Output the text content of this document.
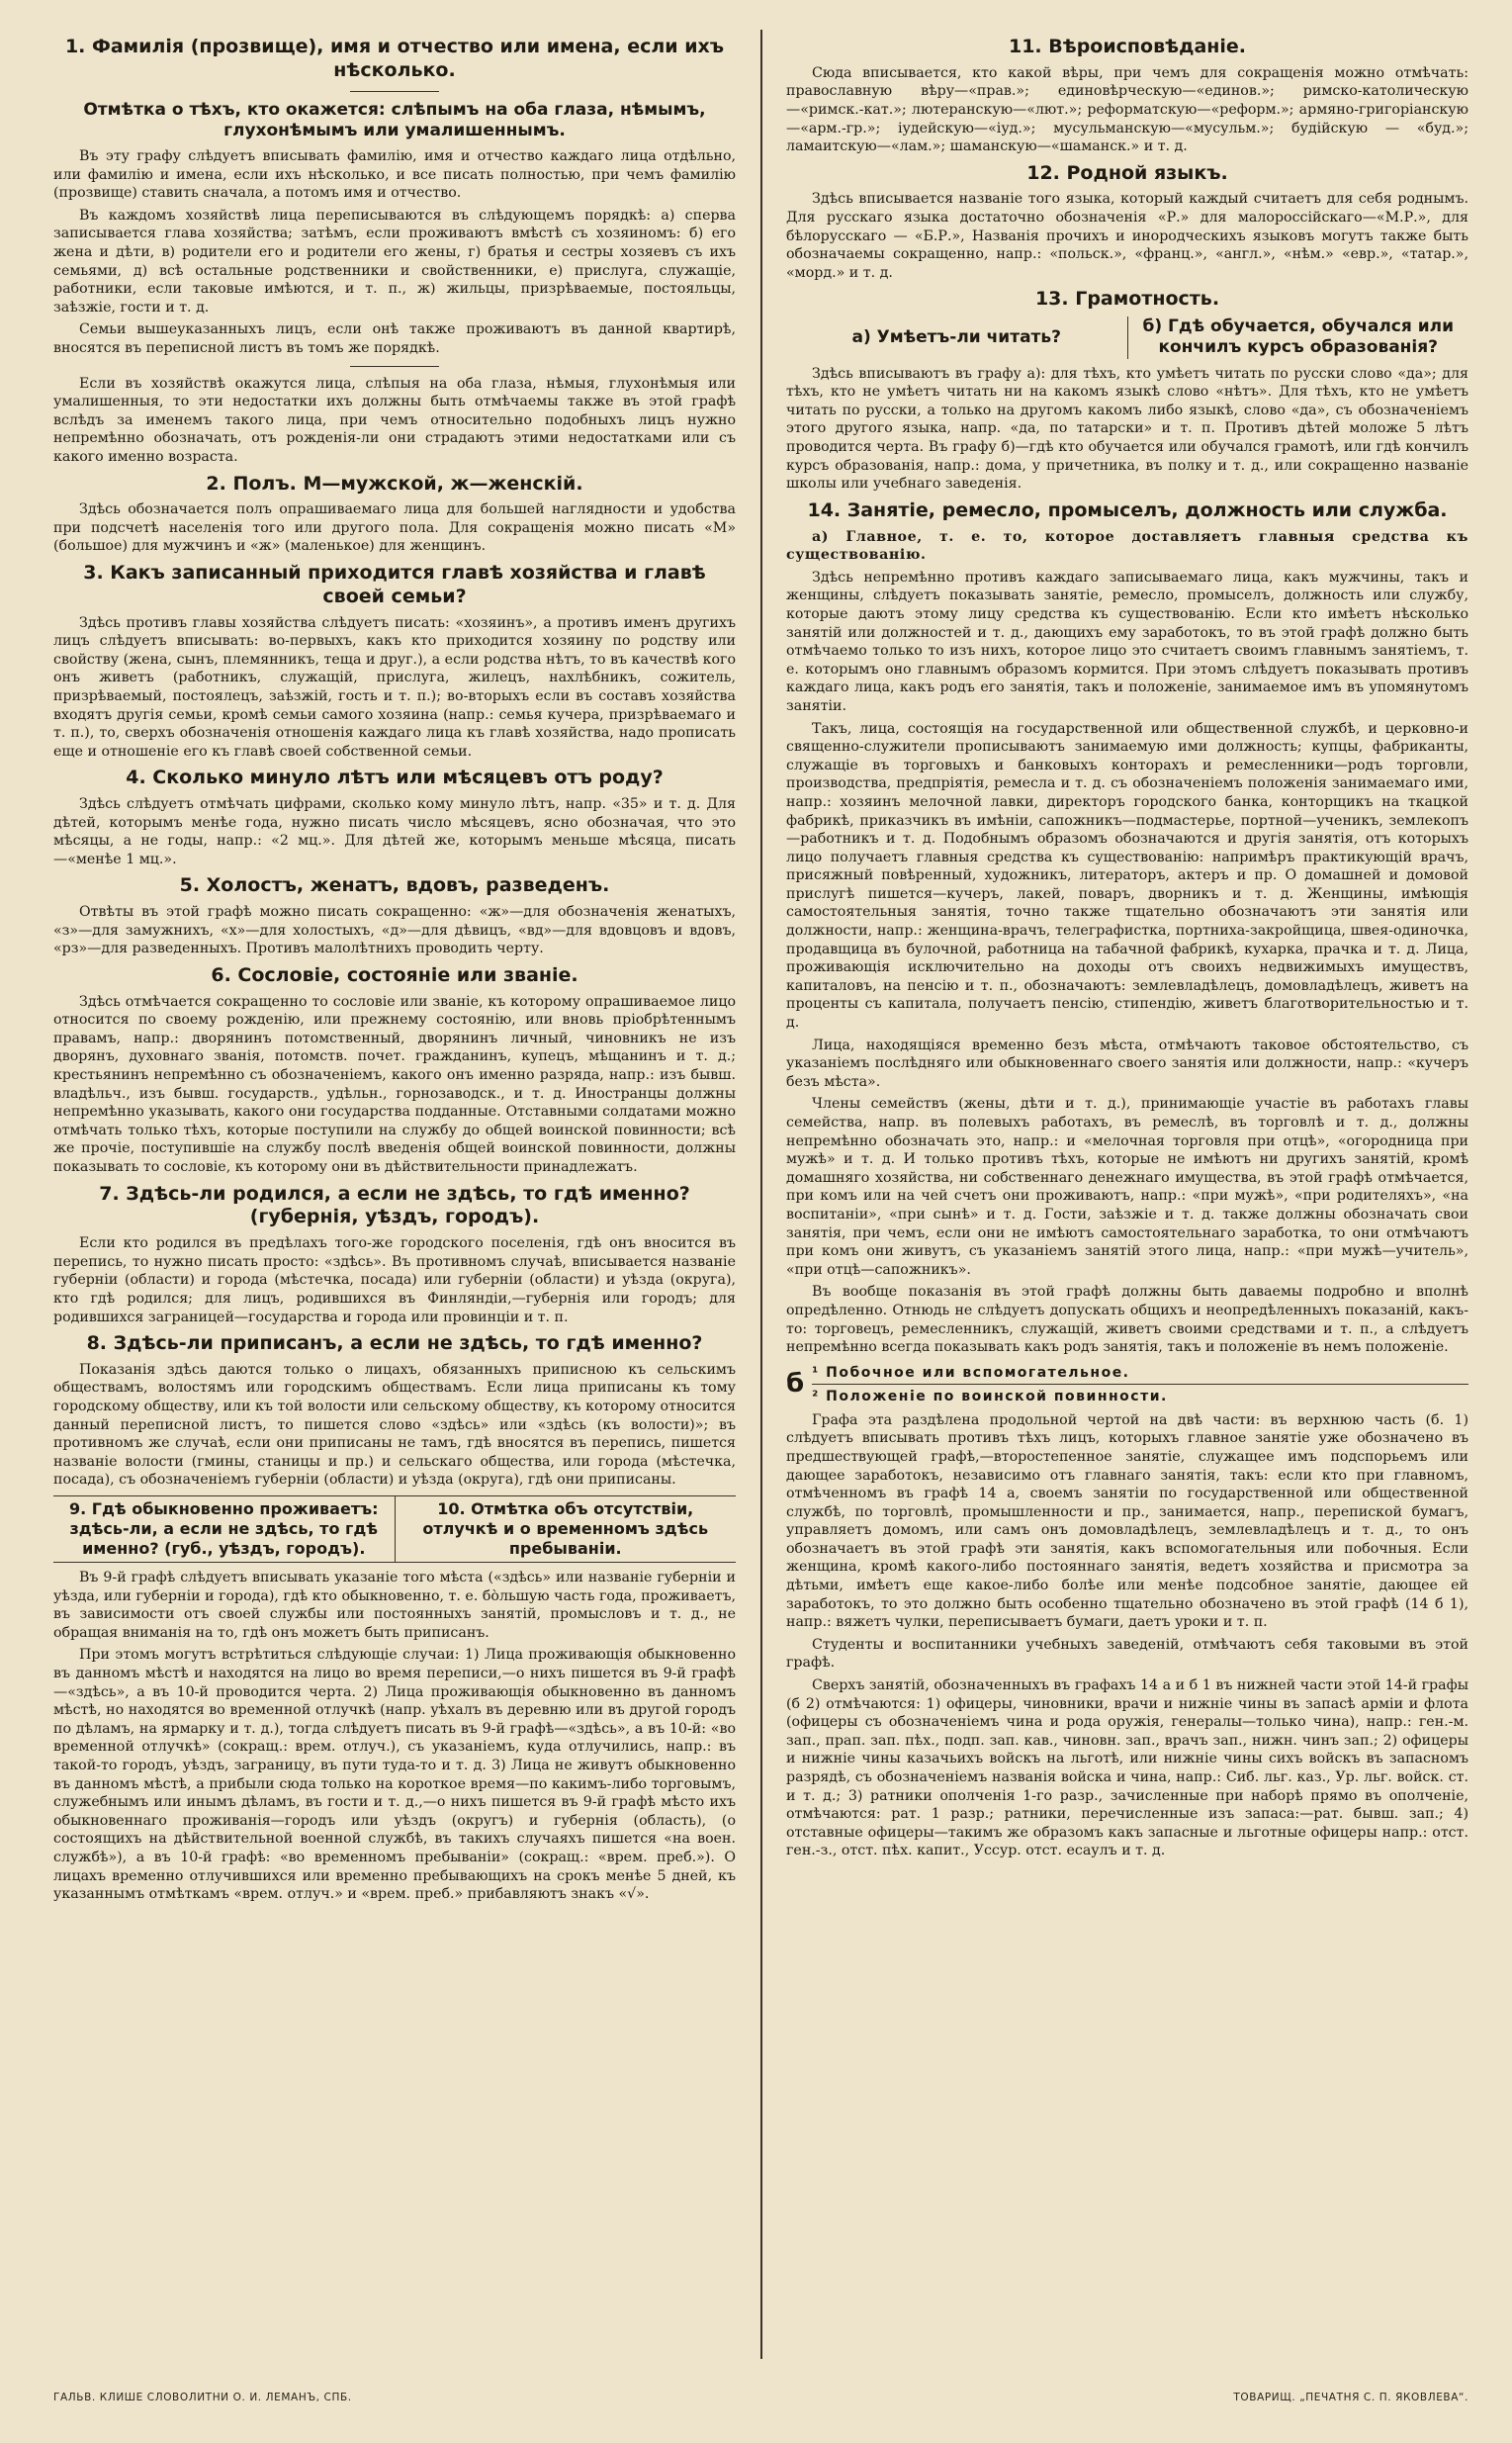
1. Фамилія (прозвище), имя и отчество или имена, если ихъ нѣсколько.
Отмѣтка о тѣхъ, кто окажется: слѣпымъ на оба глаза, нѣмымъ, глухонѣмымъ или умалишеннымъ.

Въ эту графу слѣдуетъ вписывать фамилію, имя и отчество каждаго лица отдѣльно, или фамилію и имена, если ихъ нѣсколько, и все писать полностью, при чемъ фамилію (прозвище) ставить сначала, а потомъ имя и отчество.

Въ каждомъ хозяйствѣ лица переписываются въ слѣдующемъ порядкѣ: а) сперва записывается глава хозяйства; затѣмъ, если проживаютъ вмѣстѣ съ хозяиномъ: б) его жена и дѣти, в) родители его и родители его жены, г) братья и сестры хозяевъ съ ихъ семьями, д) всѣ остальные родственники и свойственники, е) прислуга, служащіе, работники, если таковые имѣются, и т. п., ж) жильцы, призрѣваемые, постояльцы, заѣзжіе, гости и т. д.

Семьи вышеуказанныхъ лицъ, если онѣ также проживаютъ въ данной квартирѣ, вносятся въ переписной листъ въ томъ же порядкѣ.

Если въ хозяйствѣ окажутся лица, слѣпыя на оба глаза, нѣмыя, глухонѣмыя или умалишенныя, то эти недостатки ихъ должны быть отмѣчаемы также въ этой графѣ вслѣдъ за именемъ такого лица, при чемъ относительно подобныхъ лицъ нужно непремѣнно обозначать, отъ рожденія-ли они страдаютъ этими недостатками или съ какого именно возраста.

2. Полъ. М—мужской, ж—женскій.

Здѣсь обозначается полъ опрашиваемаго лица для большей наглядности и удобства при подсчетѣ населенія того или другого пола. Для сокращенія можно писать «М» (большое) для мужчинъ и «ж» (маленькое) для женщинъ.

3. Какъ записанный приходится главѣ хозяйства и главѣ своей семьи?

Здѣсь противъ главы хозяйства слѣдуетъ писать: «хозяинъ», а противъ именъ другихъ лицъ слѣдуетъ вписывать: во-первыхъ, какъ кто приходится хозяину по родству или свойству (жена, сынъ, племянникъ, теща и друг.), а если родства нѣтъ, то въ качествѣ кого онъ живетъ (работникъ, служащій, прислуга, жилецъ, нахлѣбникъ, сожитель, призрѣваемый, постоялецъ, заѣзжій, гость и т. п.); во-вторыхъ если въ составъ хозяйства входятъ другія семьи, кромѣ семьи самого хозяина (напр.: семья кучера, призрѣваемаго и т. п.), то, сверхъ обозначенія отношенія каждаго лица къ главѣ хозяйства, надо прописать еще и отношеніе его къ главѣ своей собственной семьи.

4. Сколько минуло лѣтъ или мѣсяцевъ отъ роду?

Здѣсь слѣдуетъ отмѣчать цифрами, сколько кому минуло лѣтъ, напр. «35» и т. д. Для дѣтей, которымъ менѣе года, нужно писать число мѣсяцевъ, ясно обозначая, что это мѣсяцы, а не годы, напр.: «2 мц.». Для дѣтей же, которымъ меньше мѣсяца, писать—«менѣе 1 мц.».

5. Холостъ, женатъ, вдовъ, разведенъ.

Отвѣты въ этой графѣ можно писать сокращенно: «ж»—для обозначенія женатыхъ, «з»—для замужнихъ, «х»—для холостыхъ, «д»—для дѣвицъ, «вд»—для вдовцовъ и вдовъ, «рз»—для разведенныхъ. Противъ малолѣтнихъ проводить черту.

6. Сословіе, состояніе или званіе.

Здѣсь отмѣчается сокращенно то сословіе или званіе, къ которому опрашиваемое лицо относится по своему рожденію, или прежнему состоянію, или вновь пріобрѣтеннымъ правамъ, напр.: дворянинъ потомственный, дворянинъ личный, чиновникъ не изъ дворянъ, духовнаго званія, потомств. почет. гражданинъ, купецъ, мѣщанинъ и т. д.; крестьянинъ непремѣнно съ обозначеніемъ, какого онъ именно разряда, напр.: изъ бывш. владѣльч., изъ бывш. государств., удѣльн., горнозаводск., и т. д. Иностранцы должны непремѣнно указывать, какого они государства подданные. Отставными солдатами можно отмѣчать только тѣхъ, которые поступили на службу до общей воинской повинности; всѣ же прочіе, поступившіе на службу послѣ введенія общей воинской повинности, должны показывать то сословіе, къ которому они въ дѣйствительности принадлежатъ.

7. Здѣсь-ли родился, а если не здѣсь, то гдѣ именно? (губернія, уѣздъ, городъ).

Если кто родился въ предѣлахъ того-же городского поселенія, гдѣ онъ вносится въ перепись, то нужно писать просто: «здѣсь». Въ противномъ случаѣ, вписывается названіе губерніи (области) и города (мѣстечка, посада) или губерніи (области) и уѣзда (округа), кто гдѣ родился; для лицъ, родившихся въ Финляндіи,—губернія или городъ; для родившихся заграницей—государства и города или провинціи и т. п.

8. Здѣсь-ли приписанъ, а если не здѣсь, то гдѣ именно?

Показанія здѣсь даются только о лицахъ, обязанныхъ приписною къ сельскимъ обществамъ, волостямъ или городскимъ обществамъ. Если лица приписаны къ тому городскому обществу, или къ той волости или сельскому обществу, къ которому относится данный переписной листъ, то пишется слово «здѣсь» или «здѣсь (къ волости)»; въ противномъ же случаѣ, если они приписаны не тамъ, гдѣ вносятся въ перепись, пишется названіе волости (гмины, станицы и пр.) и сельскаго общества, или города (мѣстечка, посада), съ обозначеніемъ губерніи (области) и уѣзда (округа), гдѣ они приписаны.

9. Гдѣ обыкновенно проживаетъ: здѣсь-ли, а если не здѣсь, то гдѣ именно? (губ., уѣздъ, городъ).
10. Отмѣтка объ отсутствіи, отлучкѣ и о временномъ здѣсь пребываніи.

Въ 9-й графѣ слѣдуетъ вписывать указаніе того мѣста («здѣсь» или названіе губерніи и уѣзда, или губерніи и города), гдѣ кто обыкновенно, т. е. бо̀льшую часть года, проживаетъ, въ зависимости отъ своей службы или постоянныхъ занятій, промысловъ и т. д., не обращая вниманія на то, гдѣ онъ можетъ быть приписанъ.

При этомъ могутъ встрѣтиться слѣдующіе случаи: 1) Лица проживающія обыкновенно въ данномъ мѣстѣ и находятся на лицо во время переписи,—о нихъ пишется въ 9-й графѣ—«здѣсь», а въ 10-й проводится черта. 2) Лица проживающія обыкновенно въ данномъ мѣстѣ, но находятся во временной отлучкѣ (напр. уѣхалъ въ деревню или въ другой городъ по дѣламъ, на ярмарку и т. д.), тогда слѣдуетъ писать въ 9-й графѣ—«здѣсь», а въ 10-й: «во временной отлучкѣ» (сокращ.: врем. отлуч.), съ указаніемъ, куда отлучились, напр.: въ такой-то городъ, уѣздъ, заграницу, въ пути туда-то и т. д. 3) Лица не живутъ обыкновенно въ данномъ мѣстѣ, а прибыли сюда только на короткое время—по какимъ-либо торговымъ, служебнымъ или инымъ дѣламъ, въ гости и т. д.,—о нихъ пишется въ 9-й графѣ мѣсто ихъ обыкновеннаго проживанія—городъ или уѣздъ (округъ) и губернія (область), (о состоящихъ на дѣйствительной военной службѣ, въ такихъ случаяхъ пишется «на воен. службѣ»), а въ 10-й графѣ: «во временномъ пребываніи» (сокращ.: «врем. преб.»). О лицахъ временно отлучившихся или временно пребывающихъ на срокъ менѣе 5 дней, къ указаннымъ отмѣткамъ «врем. отлуч.» и «врем. преб.» прибавляютъ знакъ «√».

11. Вѣроисповѣданіе.

Сюда вписывается, кто какой вѣры, при чемъ для сокращенія можно отмѣчать: православную вѣру—«прав.»; единовѣрческую—«единов.»; римско-католическую—«римск.-кат.»; лютеранскую—«лют.»; реформатскую—«реформ.»; армяно-григоріанскую—«арм.-гр.»; іудейскую—«іуд.»; мусульманскую—«мусульм.»; будійскую — «буд.»; ламаитскую—«лам.»; шаманскую—«шаманск.» и т. д.

12. Родной языкъ.

Здѣсь вписывается названіе того языка, который каждый считаетъ для себя роднымъ. Для русскаго языка достаточно обозначенія «Р.» для малороссійскаго—«М.Р.», для бѣлорусскаго — «Б.Р.», Названія прочихъ и инородческихъ языковъ могутъ также быть обозначаемы сокращенно, напр.: «польск.», «франц.», «англ.», «нѣм.» «евр.», «татар.», «морд.» и т. д.

13. Грамотность.
а) Умѣетъ-ли читать?
б) Гдѣ обучается, обучался или кончилъ курсъ образованія?

Здѣсь вписываютъ въ графу а): для тѣхъ, кто умѣетъ читать по русски слово «да»; для тѣхъ, кто не умѣетъ читать ни на какомъ языкѣ слово «нѣтъ». Для тѣхъ, кто не умѣетъ читать по русски, а только на другомъ какомъ либо языкѣ, слово «да», съ обозначеніемъ этого другого языка, напр. «да, по татарски» и т. п. Противъ дѣтей моложе 5 лѣтъ проводится черта. Въ графу б)—гдѣ кто обучается или обучался грамотѣ, или гдѣ кончилъ курсъ образованія, напр.: дома, у причетника, въ полку и т. д., или сокращенно названіе школы или учебнаго заведенія.

14. Занятіе, ремесло, промыселъ, должность или служба.

а) Главное, т. е. то, которое доставляетъ главныя средства къ существованію.

Здѣсь непремѣнно противъ каждаго записываемаго лица, какъ мужчины, такъ и женщины, слѣдуетъ показывать занятіе, ремесло, промыселъ, должность или службу, которые даютъ этому лицу средства къ существованію. Если кто имѣетъ нѣсколько занятій или должностей и т. д., дающихъ ему заработокъ, то въ этой графѣ должно быть отмѣчаемо только то изъ нихъ, которое лицо это считаетъ своимъ главнымъ занятіемъ, т. е. которымъ оно главнымъ образомъ кормится. При этомъ слѣдуетъ показывать противъ каждаго лица, какъ родъ его занятія, такъ и положеніе, занимаемое имъ въ упомянутомъ занятіи.

Такъ, лица, состоящія на государственной или общественной службѣ, и церковно-и священно-служители прописываютъ занимаемую ими должность; купцы, фабриканты, служащіе въ торговыхъ и банковыхъ конторахъ и ремесленники—родъ торговли, производства, предпріятія, ремесла и т. д. съ обозначеніемъ положенія занимаемаго ими, напр.: хозяинъ мелочной лавки, директоръ городского банка, конторщикъ на ткацкой фабрикѣ, приказчикъ въ имѣніи, сапожникъ—подмастерье, портной—ученикъ, землекопъ—работникъ и т. д. Подобнымъ образомъ обозначаются и другія занятія, отъ которыхъ лицо получаетъ главныя средства къ существованію: напримѣръ практикующій врачъ, присяжный повѣренный, художникъ, литераторъ, актеръ и пр. О домашней и домовой прислугѣ пишется—кучеръ, лакей, поваръ, дворникъ и т. д. Женщины, имѣющія самостоятельныя занятія, точно также тщательно обозначаютъ эти занятія или должности, напр.: женщина-врачъ, телеграфистка, портниха-закройщица, швея-одиночка, продавщица въ булочной, работница на табачной фабрикѣ, кухарка, прачка и т. д. Лица, проживающія исключительно на доходы отъ своихъ недвижимыхъ имуществъ, капиталовъ, на пенсію и т. п., обозначаютъ: землевладѣлецъ, домовладѣлецъ, живетъ на проценты съ капитала, получаетъ пенсію, стипендію, живетъ благотворительностью и т. д.

Лица, находящіяся временно безъ мѣста, отмѣчаютъ таковое обстоятельство, съ указаніемъ послѣдняго или обыкновеннаго своего занятія или должности, напр.: «кучеръ безъ мѣста».

Члены семействъ (жены, дѣти и т. д.), принимающіе участіе въ работахъ главы семейства, напр. въ полевыхъ работахъ, въ ремеслѣ, въ торговлѣ и т. д., должны непремѣнно обозначать это, напр.: и «мелочная торговля при отцѣ», «огородница при мужѣ» и т. д. И только противъ тѣхъ, которые не имѣютъ ни другихъ занятій, кромѣ домашняго хозяйства, ни собственнаго денежнаго имущества, въ этой графѣ отмѣчается, при комъ или на чей счетъ они проживаютъ, напр.: «при мужѣ», «при родителяхъ», «на воспитаніи», «при сынѣ» и т. д. Гости, заѣзжіе и т. д. также должны обозначать свои занятія, при чемъ, если они не имѣютъ самостоятельнаго заработка, то они отмѣчаютъ при комъ они живутъ, съ указаніемъ занятій этого лица, напр.: «при мужѣ—учитель», «при отцѣ—сапожникъ».

Въ вообще показанія въ этой графѣ должны быть даваемы подробно и вполнѣ опредѣленно. Отнюдь не слѣдуетъ допускать общихъ и неопредѣленныхъ показаній, какъ-то: торговецъ, ремесленникъ, служащій, живетъ своими средствами и т. п., а слѣдуетъ непремѣнно всегда показывать какъ родъ занятія, такъ и положеніе въ немъ положеніе.

б ¹ Побочное или вспомогательное.
² Положеніе по воинской повинности.

Графа эта раздѣлена продольной чертой на двѣ части: въ верхнюю часть (б. 1) слѣдуетъ вписывать противъ тѣхъ лицъ, которыхъ главное занятіе уже обозначено въ предшествующей графѣ,—второстепенное занятіе, служащее имъ подспорьемъ или дающее заработокъ, независимо отъ главнаго занятія, такъ: если кто при главномъ, отмѣченномъ въ графѣ 14 а, своемъ занятіи по государственной или общественной службѣ, по торговлѣ, промышленности и пр., занимается, напр., перепиской бумагъ, управляетъ домомъ, или самъ онъ домовладѣлецъ, землевладѣлецъ и т. д., то онъ обозначаетъ въ этой графѣ эти занятія, какъ вспомогательныя или побочныя. Если женщина, кромѣ какого-либо постояннаго занятія, ведетъ хозяйства и присмотра за дѣтьми, имѣетъ еще какое-либо болѣе или менѣе подсобное занятіе, дающее ей заработокъ, то это должно быть особенно тщательно обозначено въ этой графѣ (14 б 1), напр.: вяжетъ чулки, переписываетъ бумаги, даетъ уроки и т. п.

Студенты и воспитанники учебныхъ заведеній, отмѣчаютъ себя таковыми въ этой графѣ.

Сверхъ занятій, обозначенныхъ въ графахъ 14 а и б 1 въ нижней части этой 14-й графы (б 2) отмѣчаются: 1) офицеры, чиновники, врачи и нижніе чины въ запасѣ арміи и флота (офицеры съ обозначеніемъ чина и рода оружія, генералы—только чина), напр.: ген.-м. зап., прап. зап. пѣх., подп. зап. кав., чиновн. зап., врачъ зап., нижн. чинъ зап.; 2) офицеры и нижніе чины казачьихъ войскъ на льготѣ, или нижніе чины сихъ войскъ въ запасномъ разрядѣ, съ обозначеніемъ названія войска и чина, напр.: Сиб. льг. каз., Ур. льг. войск. ст. и т. д.; 3) ратники ополченія 1-го разр., зачисленные при наборѣ прямо въ ополченіе, отмѣчаются: рат. 1 разр.; ратники, перечисленные изъ запаса:—рат. бывш. зап.; 4) отставные офицеры—такимъ же образомъ какъ запасные и льготные офицеры напр.: отст. ген.-з., отст. пѣх. капит., Уссур. отст. есаулъ и т. д.

ГАЛЬВ. КЛИШЕ СЛОВОЛИТНИ О. И. ЛЕМАНЪ, СПБ.	ТОВАРИЩ. „ПЕЧАТНЯ С. П. ЯКОВЛЕВА“.
